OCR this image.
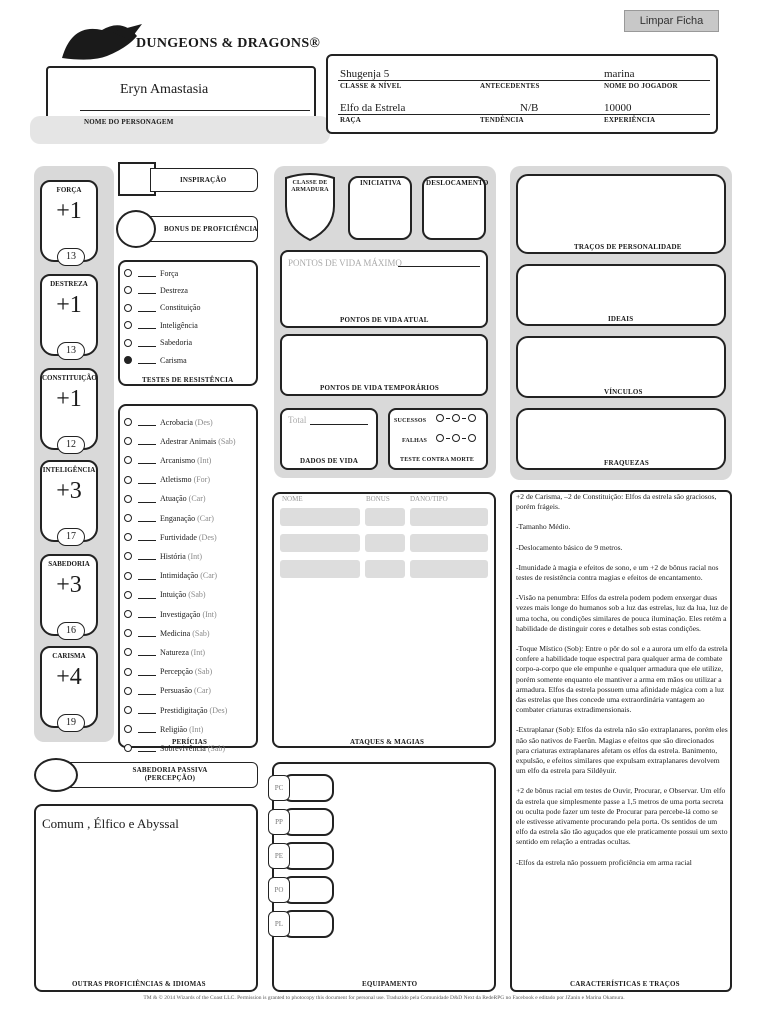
Limpar Ficha
DUNGEONS & DRAGONS®
Eryn Amastasia
NOME DO PERSONAGEM
Shugenja 5
CLASSE & NÍVEL	ANTECEDENTES
marina
NOME DO JOGADOR
Elfo da Estrela
RAÇA
N/B
TENDÊNCIA
10000
EXPERIÊNCIA
FORÇA
+1
13
DESTREZA
+1
13
CONSTITUIÇÃO
+1
12
INTELIGÊNCIA
+3
17
SABEDORIA
+3
16
CARISMA
+4
19
INSPIRAÇÃO
BONUS DE PROFICIÊNCIA
Força
Destreza
Constituição
Inteligência
Sabedoria
Carisma
TESTES DE RESISTÊNCIA
Acrobacia (Des)
Adestrar Animais (Sab)
Arcanismo (Int)
Atletismo (For)
Atuação (Car)
Enganação (Car)
Furtividade (Des)
História (Int)
Intimidação (Car)
Intuição (Sab)
Investigação (Int)
Medicina (Sab)
Natureza (Int)
Percepção (Sab)
Persuasão (Car)
Prestidigitação (Des)
Religião (Int)
Sobrevivência (Sab)
PERÍCIAS
SABEDORIA PASSIVA (PERCEPÇÃO)
Comum , Élfico e Abyssal
OUTRAS PROFICIÊNCIAS & IDIOMAS
CLASSE DE ARMADURA
INICIATIVA	DESLOCAMENTO
PONTOS DE VIDA MÁXIMO
PONTOS DE VIDA ATUAL
PONTOS DE VIDA TEMPORÁRIOS
Total
DADOS DE VIDA
SUCESSOS
FALHAS
TESTE CONTRA MORTE
NOME	BONUS	DANO/TIPO
ATAQUES & MAGIAS
PC
PP
PE
PO
PL
EQUIPAMENTO
TRAÇOS DE PERSONALIDADE
IDEAIS
VÍNCULOS
FRAQUEZAS

+2 de Carisma, –2 de Constituição: Elfos da estrela são graciosos, porém frágeis.

-Tamanho Médio.

-Deslocamento básico de 9 metros.

-Imunidade à magia e efeitos de sono, e um +2 de bônus racial nos testes de resistência contra magias e efeitos de encantamento.

-Visão na penumbra: Elfos da estrela podem podem enxergar duas vezes mais longe do humanos sob a luz das estrelas, luz da lua, luz de uma tocha, ou condições similares de pouca iluminação. Eles retém a habilidade de distinguir cores e detalhes sob estas condições.

-Toque Místico (Sob): Entre o pôr do sol e a aurora um elfo da estrela confere a habilidade toque espectral para qualquer arma de combate corpo-a-corpo que ele empunhe e qualquer armadura que ele utilize, porém somente enquanto ele mantiver a arma em mãos ou utilizar a armadura. Elfos da estrela possuem uma afinidade mágica com a luz das estrelas que lhes concede uma extraordinária vantagem ao combater criaturas extradimensionais.

-Extraplanar (Sob): Elfos da estrela não são extraplanares, porém eles não são nativos de Faerûn. Magias e efeitos que são direcionados para criaturas extraplanares afetam os elfos da estrela. Banimento, expulsão, e efeitos similares que expulsam extraplanares devolvem um elfo da estrela para Sildëyuir.

+2 de bônus racial em testes de Ouvir, Procurar, e Observar. Um elfo da estrela que simplesmente passe a 1,5 metros de uma porta secreta ou oculta pode fazer um teste de Procurar para percebe-lá como se ele estivesse ativamente procurando pela porta. Os sentidos de um elfo da estrela são tão aguçados que ele praticamente possui um sexto sentido em relação a entradas ocultas.

-Elfos da estrela não possuem proficiência em arma racial

CARACTERÍSTICAS E TRAÇOS
TM & © 2014 Wizards of the Coast LLC. Permission is granted to photocopy this document for personal use. Traduzido pela Comunidade D&D Next da RedeRPG no Facebook e editado por JZanin e Marina Okamura.
